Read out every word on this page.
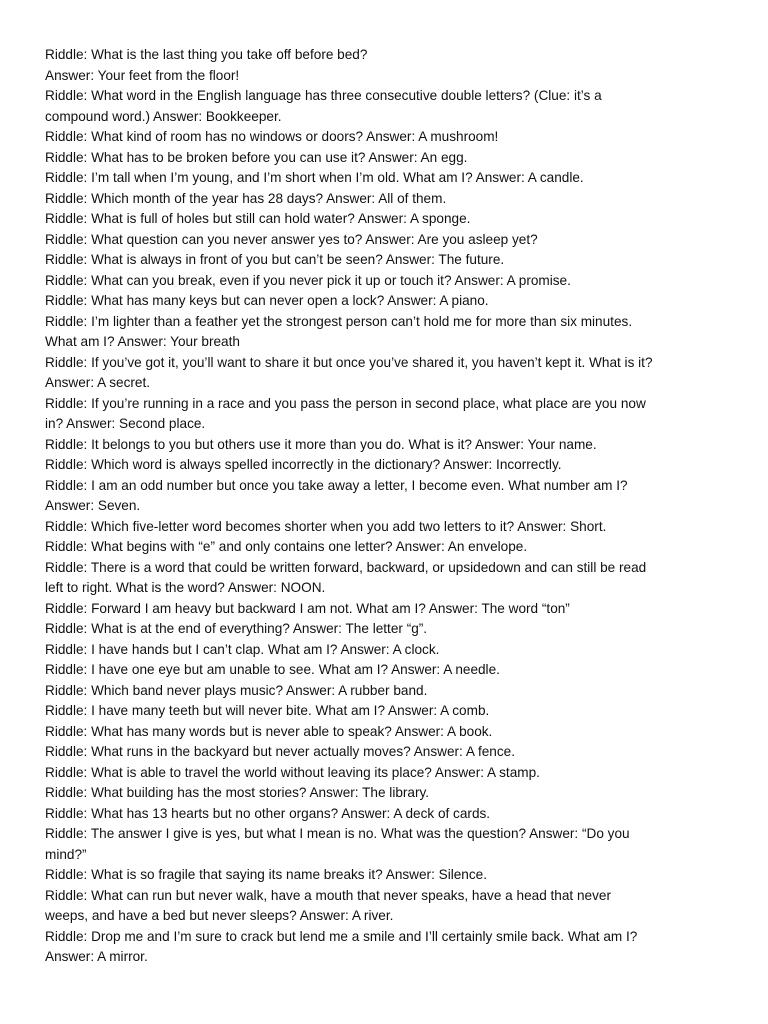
Riddle: What is the last thing you take off before bed?
Answer: Your feet from the floor!
Riddle: What word in the English language has three consecutive double letters? (Clue: it’s a
compound word.) Answer: Bookkeeper.
Riddle: What kind of room has no windows or doors? Answer: A mushroom!
Riddle: What has to be broken before you can use it? Answer: An egg.
Riddle: I’m tall when I’m young, and I’m short when I’m old. What am I? Answer: A candle.
Riddle: Which month of the year has 28 days? Answer: All of them.
Riddle: What is full of holes but still can hold water? Answer: A sponge.
Riddle: What question can you never answer yes to? Answer: Are you asleep yet?
Riddle: What is always in front of you but can’t be seen? Answer: The future.
Riddle: What can you break, even if you never pick it up or touch it? Answer: A promise.
Riddle: What has many keys but can never open a lock? Answer: A piano.
Riddle: I’m lighter than a feather yet the strongest person can’t hold me for more than six minutes.
What am I? Answer: Your breath
Riddle: If you’ve got it, you’ll want to share it but once you’ve shared it, you haven’t kept it. What is it?
Answer: A secret.
Riddle: If you’re running in a race and you pass the person in second place, what place are you now
in? Answer: Second place.
Riddle: It belongs to you but others use it more than you do. What is it? Answer: Your name.
Riddle: Which word is always spelled incorrectly in the dictionary? Answer: Incorrectly.
Riddle: I am an odd number but once you take away a letter, I become even. What number am I?
Answer: Seven.
Riddle: Which five-letter word becomes shorter when you add two letters to it? Answer: Short.
Riddle: What begins with “e” and only contains one letter? Answer: An envelope.
Riddle: There is a word that could be written forward, backward, or upsidedown and can still be read
left to right. What is the word? Answer: NOON.
Riddle: Forward I am heavy but backward I am not. What am I? Answer: The word “ton”
Riddle: What is at the end of everything? Answer: The letter “g”.
Riddle: I have hands but I can’t clap. What am I? Answer: A clock.
Riddle: I have one eye but am unable to see. What am I? Answer: A needle.
Riddle: Which band never plays music? Answer: A rubber band.
Riddle: I have many teeth but will never bite. What am I? Answer: A comb.
Riddle: What has many words but is never able to speak? Answer: A book.
Riddle: What runs in the backyard but never actually moves? Answer: A fence.
Riddle: What is able to travel the world without leaving its place? Answer: A stamp.
Riddle: What building has the most stories? Answer: The library.
Riddle: What has 13 hearts but no other organs? Answer: A deck of cards.
Riddle: The answer I give is yes, but what I mean is no. What was the question? Answer: “Do you
mind?”
Riddle: What is so fragile that saying its name breaks it? Answer: Silence.
Riddle: What can run but never walk, have a mouth that never speaks, have a head that never
weeps, and have a bed but never sleeps? Answer: A river.
Riddle: Drop me and I’m sure to crack but lend me a smile and I’ll certainly smile back. What am I?
Answer: A mirror.
